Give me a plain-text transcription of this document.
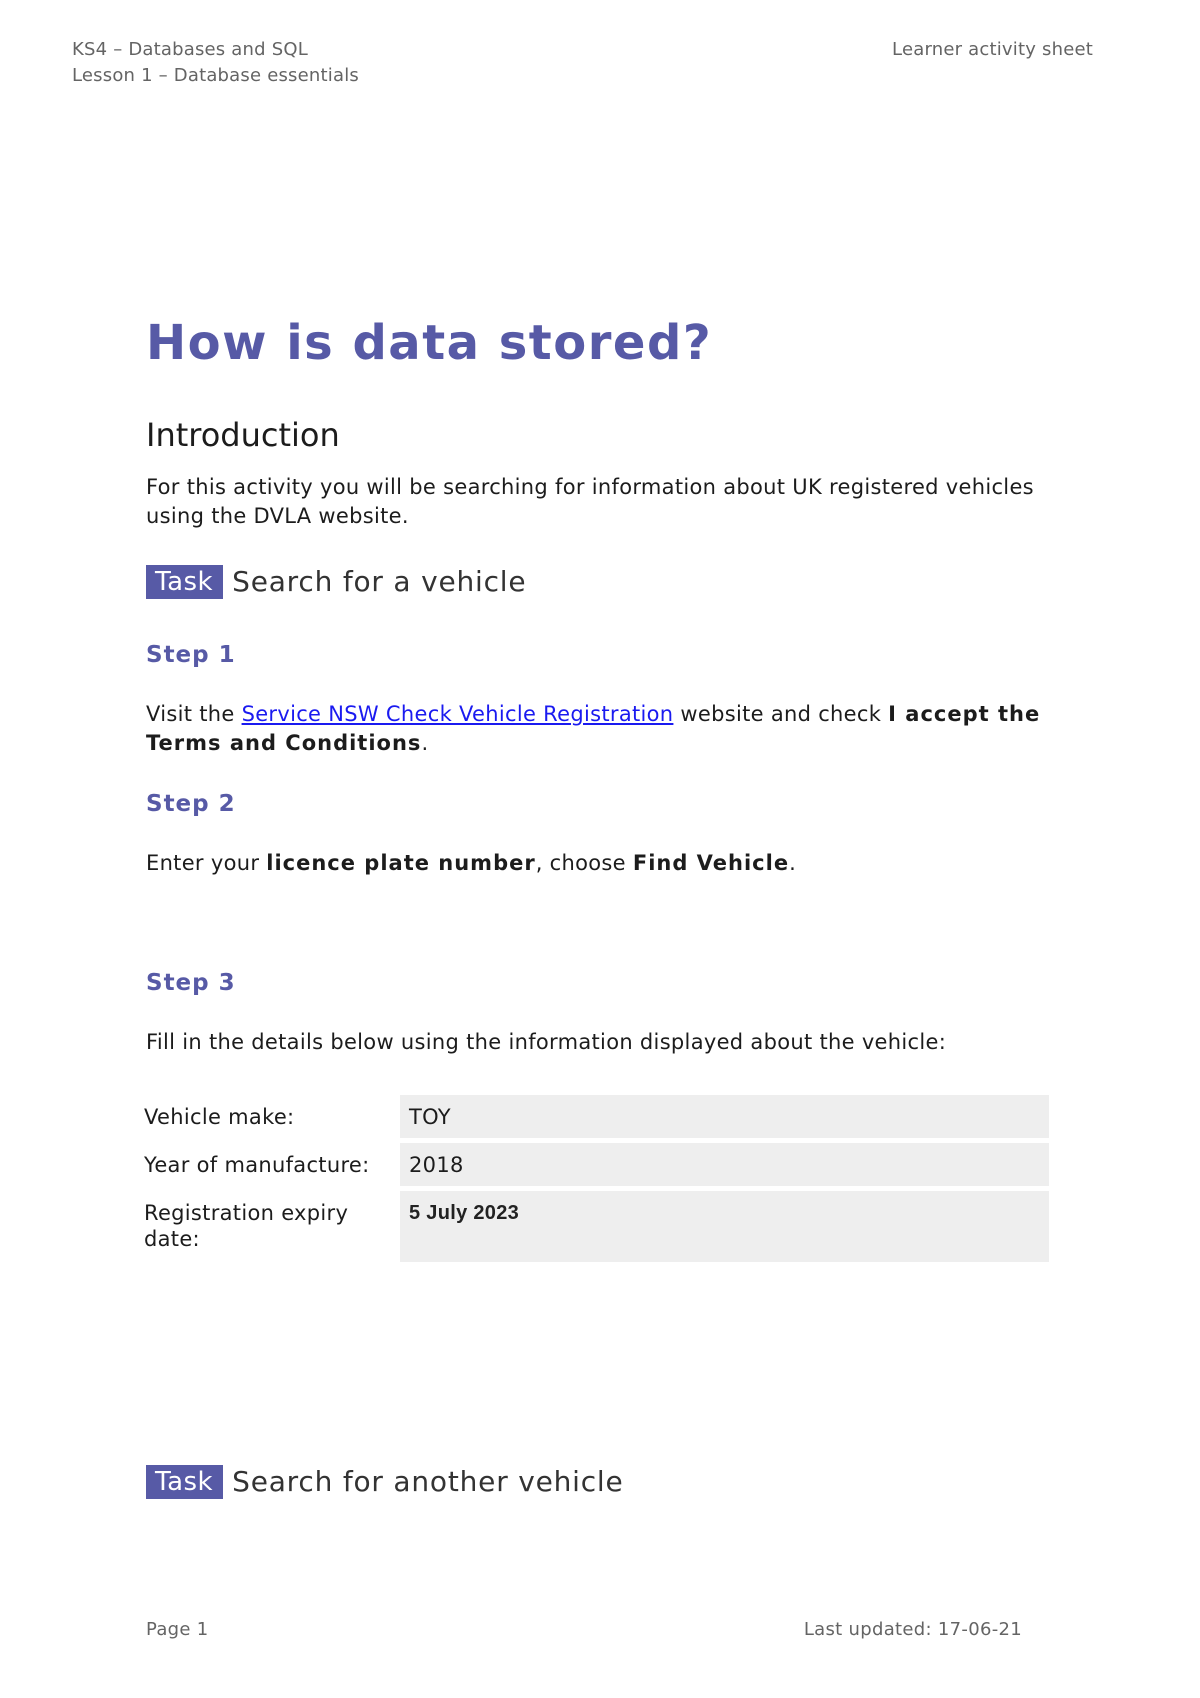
KS4 – Databases and SQL
Lesson 1 – Database essentials
Learner activity sheet
How is data stored?
Introduction

For this activity you will be searching for information about UK registered vehicles using the DVLA website.

Task Search for a vehicle
Step 1

Visit the Service NSW Check Vehicle Registration website and check I accept the Terms and Conditions.

Step 2

Enter your licence plate number, choose Find Vehicle.

Step 3

Fill in the details below using the information displayed about the vehicle:

Vehicle make:	TOY
Year of manufacture:	2018
Registration expiry date:
5 July 2023
Task Search for another vehicle
Page 1	Last updated: 17-06-21
